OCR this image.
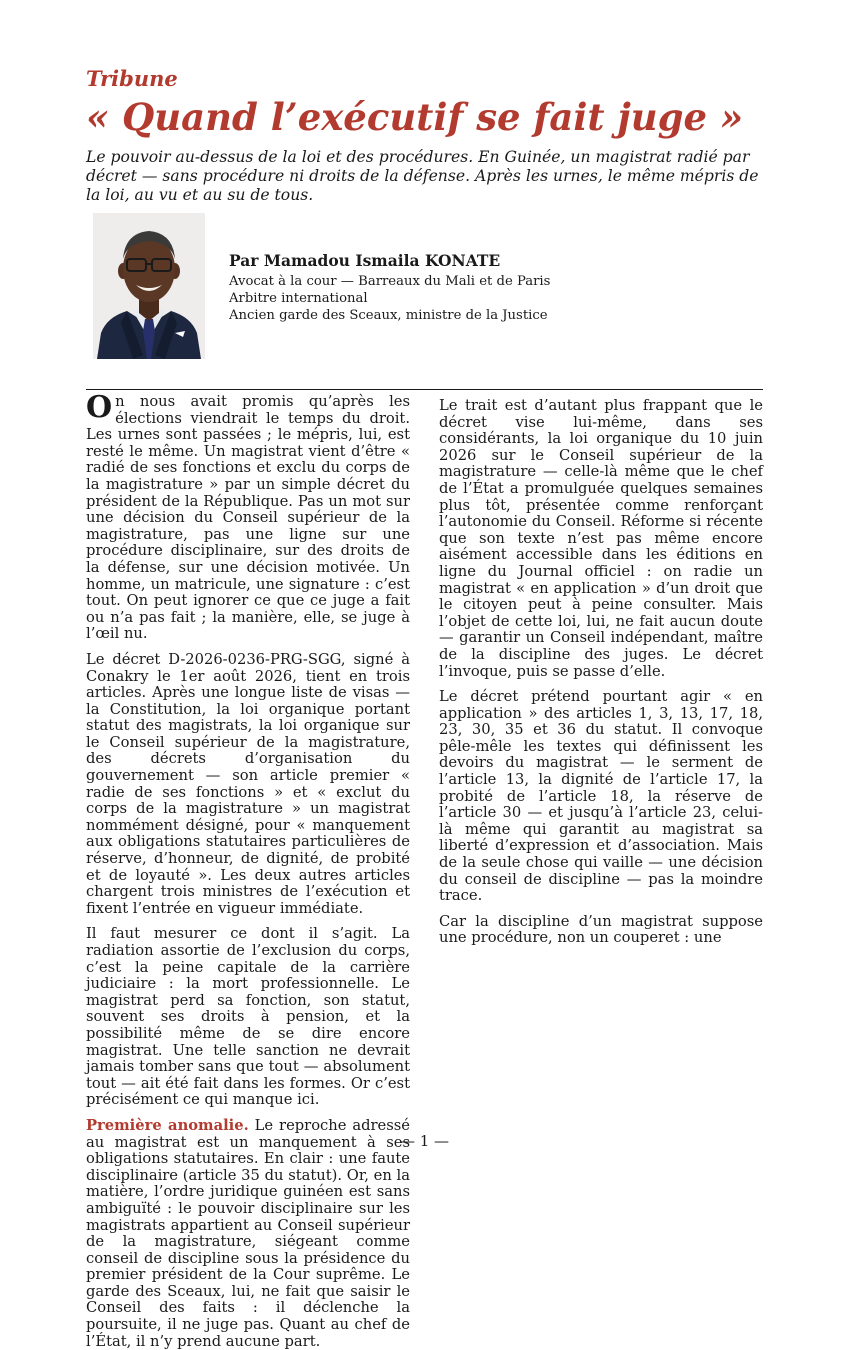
Tribune
« Quand l’exécutif se fait juge »
Le pouvoir au-dessus de la loi et des procédures. En Guinée, un magistrat radié par décret — sans procédure ni droits de la défense. Après les urnes, le même mépris de la loi, au vu et au su de tous.
Par Mamadou Ismaila KONATE
Avocat à la cour — Barreaux du Mali et de Paris
Arbitre international
Ancien garde des Sceaux, ministre de la Justice

On nous avait promis qu’après les élections viendrait le temps du droit. Les urnes sont passées ; le mépris, lui, est resté le même. Un magistrat vient d’être « radié de ses fonctions et exclu du corps de la magistrature » par un simple décret du président de la République. Pas un mot sur une décision du Conseil supérieur de la magistrature, pas une ligne sur une procédure disciplinaire, sur des droits de la défense, sur une décision motivée. Un homme, un matricule, une signature : c’est tout. On peut ignorer ce que ce juge a fait ou n’a pas fait ; la manière, elle, se juge à l’œil nu.

Le décret D-2026-0236-PRG-SGG, signé à Conakry le 1er août 2026, tient en trois articles. Après une longue liste de visas — la Constitution, la loi organique portant statut des magistrats, la loi organique sur le Conseil supérieur de la magistrature, des décrets d’organisation du gouvernement — son article premier « radie de ses fonctions » et « exclut du corps de la magistrature » un magistrat nommément désigné, pour « manquement aux obligations statutaires particulières de réserve, d’honneur, de dignité, de probité et de loyauté ». Les deux autres articles chargent trois ministres de l’exécution et fixent l’entrée en vigueur immédiate.

Il faut mesurer ce dont il s’agit. La radiation assortie de l’exclusion du corps, c’est la peine capitale de la carrière judiciaire : la mort professionnelle. Le magistrat perd sa fonction, son statut, souvent ses droits à pension, et la possibilité même de se dire encore magistrat. Une telle sanction ne devrait jamais tomber sans que tout — absolument tout — ait été fait dans les formes. Or c’est précisément ce qui manque ici.

Première anomalie. Le reproche adressé au magistrat est un manquement à ses obligations statutaires. En clair : une faute disciplinaire (article 35 du statut). Or, en la matière, l’ordre juridique guinéen est sans ambiguïté : le pouvoir disciplinaire sur les magistrats appartient au Conseil supérieur de la magistrature, siégeant comme conseil de discipline sous la présidence du premier président de la Cour suprême. Le garde des Sceaux, lui, ne fait que saisir le Conseil des faits : il déclenche la poursuite, il ne juge pas. Quant au chef de l’État, il n’y prend aucune part.

Le trait est d’autant plus frappant que le décret vise lui-même, dans ses considérants, la loi organique du 10 juin 2026 sur le Conseil supérieur de la magistrature — celle-là même que le chef de l’État a promulguée quelques semaines plus tôt, présentée comme renforçant l’autonomie du Conseil. Réforme si récente que son texte n’est pas même encore aisément accessible dans les éditions en ligne du Journal officiel : on radie un magistrat « en application » d’un droit que le citoyen peut à peine consulter. Mais l’objet de cette loi, lui, ne fait aucun doute — garantir un Conseil indépendant, maître de la discipline des juges. Le décret l’invoque, puis se passe d’elle.

Le décret prétend pourtant agir « en application » des articles 1, 3, 13, 17, 18, 23, 30, 35 et 36 du statut. Il convoque pêle-mêle les textes qui définissent les devoirs du magistrat — le serment de l’article 13, la dignité de l’article 17, la probité de l’article 18, la réserve de l’article 30 — et jusqu’à l’article 23, celui-là même qui garantit au magistrat sa liberté d’expression et d’association. Mais de la seule chose qui vaille — une décision du conseil de discipline — pas la moindre trace.

Car la discipline d’un magistrat suppose une procédure, non un couperet : une

— 1 —
